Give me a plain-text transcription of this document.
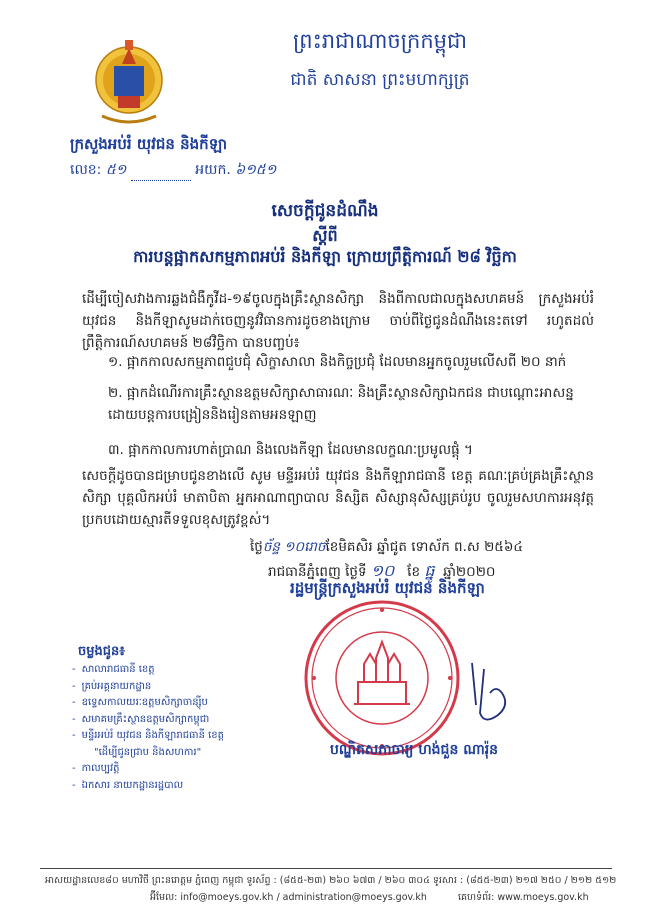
ព្រះរាជាណាចក្រកម្ពុជា
ជាតិ សាសនា ព្រះមហាក្សត្រ
ក្រសួងអប់រំ យុវជន និងកីឡា
លេខ: ៥១	អយក. ៦១៥១
សេចក្តីជូនដំណឹង
ស្តីពី
ការបន្តផ្អាកសកម្មភាពអប់រំ និងកីឡា ក្រោយព្រឹត្តិការណ៍ ២៨ វិច្ឆិកា
ដើម្បីចៀសវាងការឆ្លងជំងឺកូវីដ-១៩ចូលក្នុងគ្រឹះស្ថានសិក្សា និងពីកាលជាលក្នុងសហគមន៍ ក្រសួងអប់រំ យុវជន និងកីឡាសូមដាក់ចេញនូវវិធានការដូចខាងក្រោម ចាប់ពីថ្ងៃជូនដំណឹងនេះតទៅ រហូតដល់ព្រឹត្តិការណ៍សហគមន៍ ២៨វិច្ឆិកា បានបញ្ចប់៖
១. ផ្អាកកាលសកម្មភាពជួបជុំ សិក្ខាសាលា និងកិច្ចប្រជុំ ដែលមានអ្នកចូលរួមលើសពី ២០ នាក់
២. ផ្អាកដំណើរការគ្រឹះស្ថានឧត្តមសិក្សាសាធារណៈ និងគ្រឹះស្ថានសិក្សាឯកជន ជាបណ្តោះអាសន្ន ដោយបន្តការបង្រៀននិងរៀនតាមអនឡាញ
៣. ផ្អាកកាលការហាត់ប្រាណ និងលេងកីឡា ដែលមានលក្ខណៈប្រមូលផ្តុំ ។
សេចក្តីដូចបានជម្រាបជូនខាងលើ សូម មន្ទីរអប់រំ យុវជន និងកីឡារាជធានី ខេត្ត គណៈគ្រប់គ្រងគ្រឹះស្ថានសិក្សា បុគ្គលិកអប់រំ មាតាបិតា អ្នកអាណាព្យាបាល និស្សិត សិស្សានុសិស្សគ្រប់រូប ចូលរួមសហការអនុវត្តប្រកបដោយស្មារតីទទួលខុសត្រូវខ្ពស់។
ថ្ងៃច័ន្ទ ១០រោចខែមិគសិរ ឆ្នាំជូត ទោស័ក ព.ស ២៥៦៤
រាជធានីភ្នំពេញ ថ្ងៃទី ១០ ខែ ធ្នូ ឆ្នាំ២០២០
រដ្ឋមន្ត្រីក្រសួងអប់រំ យុវជន និងកីឡា
បណ្ឌិតសភាចារ្យ ហង់ជួន ណារ៉ុន
ចម្លងជូន៖
- សាលារាជធានី ខេត្ត
- គ្រប់អគ្គនាយកដ្ឋាន
- ឧទ្ទេសកាលយរៈឧត្តមសិក្សាចាន្ស៊ីប
- សមាគមគ្រឹះស្ថានឧត្តមសិក្សាកម្ពុជា
- មន្ទីរអប់រំ យុវជន និងកីឡារាជធានី ខេត្ត
"ដើម្បីជូនជ្រាប និងសហការ"
- កាលប្បវត្តិ
- ឯកសារ នាយកដ្ឋានរដ្ឋបាល
អាសយដ្ឋានលេខ៨០ មហាវិថី ព្រះនរោត្តម ភ្នំពេញ កម្ពុជា ទូរស័ព្ទ : (៨៥៥-២៣) ២៦០ ៦៧៣ / ២៦០ ៣០៤ ទូរសារ : (៨៥៥-២៣) ២១៧ ២៥០ / ២១២ ៥១២
អ៊ីមែល: info@moeys.gov.kh / administration@moeys.gov.kh	គេហទំព័រ: www.moeys.gov.kh
